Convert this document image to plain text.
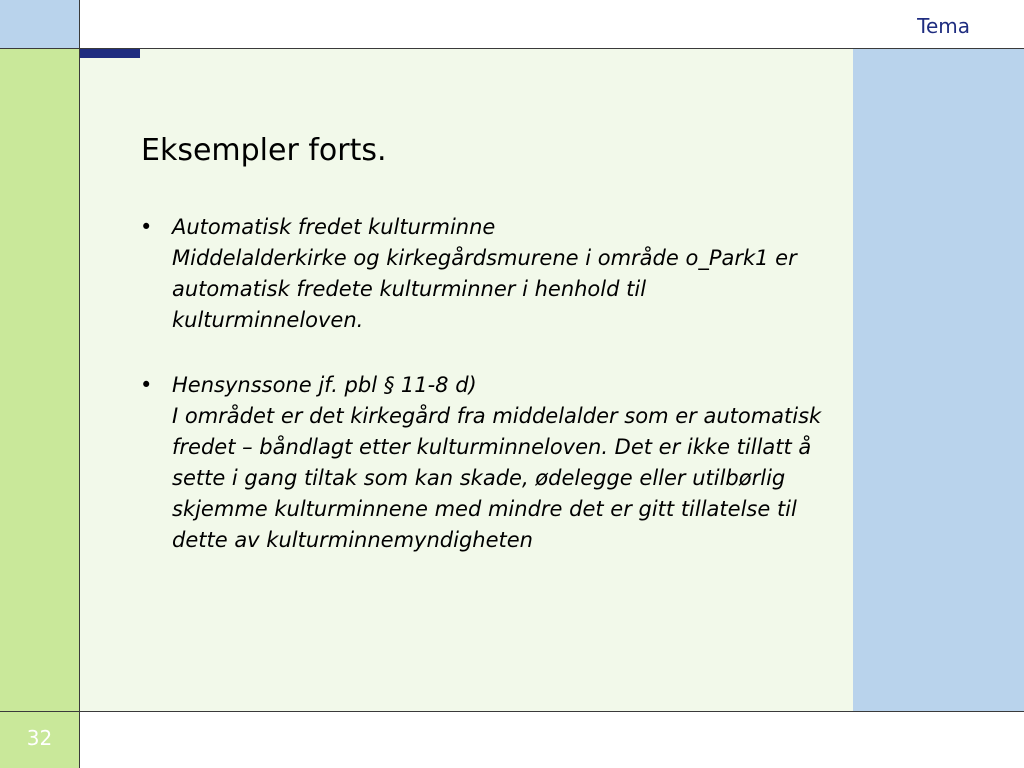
Tema
Eksempler forts.
• Automatisk fredet kulturminne
Middelalderkirke og kirkegårdsmurene i område o_Park1 er automatisk fredete kulturminner i henhold til kulturminneloven.
• Hensynssone jf. pbl § 11-8 d)
I området er det kirkegård fra middelalder som er automatisk fredet – båndlagt etter kulturminneloven. Det er ikke tillatt å sette i gang tiltak som kan skade, ødelegge eller utilbørlig skjemme kulturminnene med mindre det er gitt tillatelse til dette av kulturminnemyndigheten
32
